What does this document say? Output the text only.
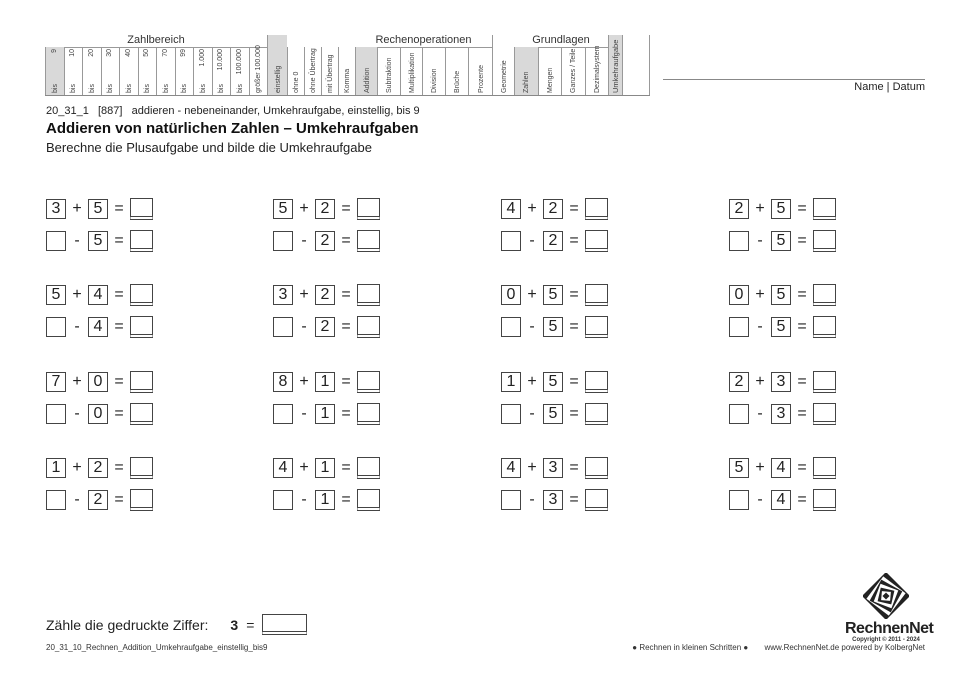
Zahlbereich
bis
9
bis
10
bis
20
bis
30
bis
40
bis
50
bis
70
bis
99
bis
1.000
bis
10.000
bis
100.000 größer 100.000 einstellig ohne 0 ohne Übertrag mit Übertrag Komma
Rechenoperationen
Addition Subtraktion Multiplikation Division Brüche Prozente Geometrie
Grundlagen
Zahlen Mengen Ganzes / Teile Dezimalsystem Umkehraufgabe	Name | Datum
20_31_1 [887] addieren - nebeneinander, Umkehraufgabe, einstellig, bis 9
Addieren von natürlichen Zahlen – Umkehraufgaben
Berechne die Plusaufgabe und bilde die Umkehraufgabe
3 + 5 =
- 5 =
5 + 2 =
- 2 =
4 + 2 =
- 2 =
2 + 5 =
- 5 =
5 + 4 =
- 4 =
3 + 2 =
- 2 =
0 + 5 =
- 5 =
0 + 5 =
- 5 =
7 + 0 =
- 0 =
8 + 1 =
- 1 =
1 + 5 =
- 5 =
2 + 3 =
- 3 =
1 + 2 =
- 2 =
4 + 1 =
- 1 =
4 + 3 =
- 3 =
5 + 4 =
- 4 =
Zähle die gedruckte Ziffer: 3 =
20_31_10_Rechnen_Addition_Umkehraufgabe_einstellig_bis9	● Rechnen in kleinen Schritten ● www.RechnenNet.de powered by KolbergNet
RechnenNet
Copyright © 2011 - 2024
